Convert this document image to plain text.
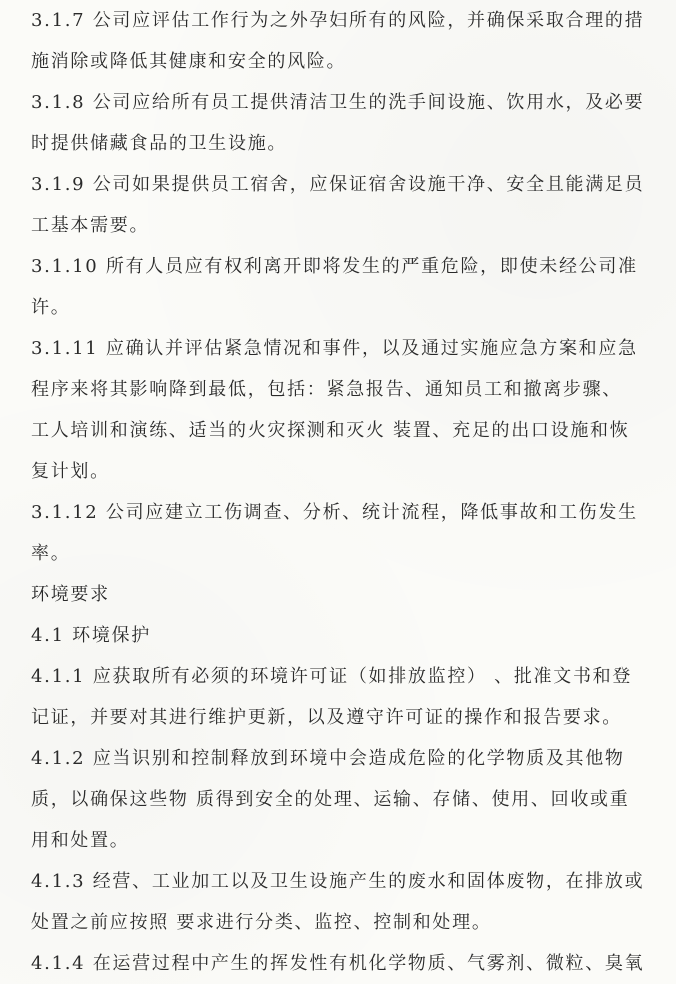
3.1.7 公司应评估工作行为之外孕妇所有的风险，并确保采取合理的措
施消除或降低其健康和安全的风险。
3.1.8 公司应给所有员工提供清洁卫生的洗手间设施、饮用水，及必要
时提供储藏食品的卫生设施。
3.1.9 公司如果提供员工宿舍，应保证宿舍设施干净、安全且能满足员
工基本需要。
3.1.10 所有人员应有权利离开即将发生的严重危险，即使未经公司准
许。
3.1.11 应确认并评估紧急情况和事件，以及通过实施应急方案和应急
程序来将其影响降到最低，包括：紧急报告、通知员工和撤离步骤、
工人培训和演练、适当的火灾探测和灭火 装置、充足的出口设施和恢
复计划。
3.1.12 公司应建立工伤调查、分析、统计流程，降低事故和工伤发生
率。
环境要求
4.1 环境保护
4.1.1 应获取所有必须的环境许可证（如排放监控） 、批准文书和登
记证，并要对其进行维护更新，以及遵守许可证的操作和报告要求。
4.1.2 应当识别和控制释放到环境中会造成危险的化学物质及其他物
质，以确保这些物 质得到安全的处理、运输、存储、使用、回收或重
用和处置。
4.1.3 经营、工业加工以及卫生设施产生的废水和固体废物，在排放或
处置之前应按照 要求进行分类、监控、控制和处理。
4.1.4 在运营过程中产生的挥发性有机化学物质、气雾剂、微粒、臭氧
